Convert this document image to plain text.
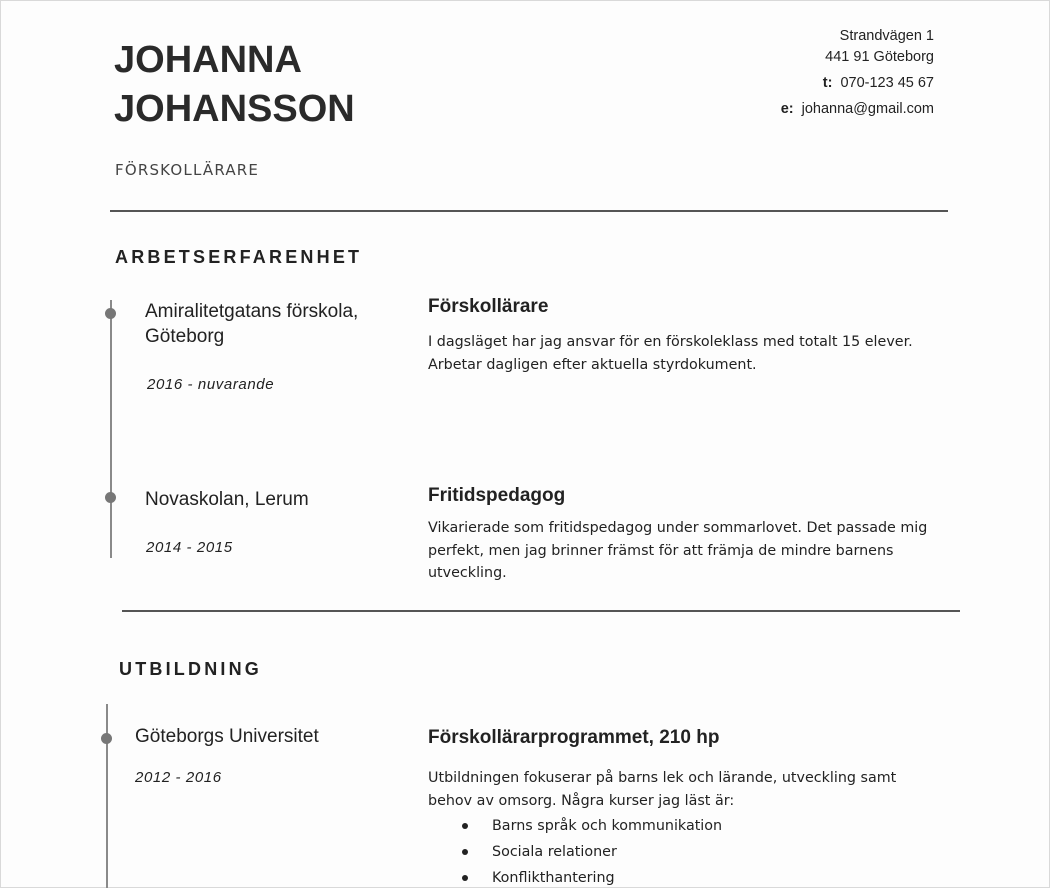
JOHANNA
JOHANSSON
FÖRSKOLLÄRARE
Strandvägen 1
441 91 Göteborg
t: 070-123 45 67
e: johanna@gmail.com
ARBETSERFARENHET
Amiralitetgatans förskola,
Göteborg
2016 - nuvarande
Förskollärare
I dagsläget har jag ansvar för en förskoleklass med totalt 15 elever. Arbetar dagligen efter aktuella styrdokument.
Novaskolan, Lerum
2014 - 2015
Fritidspedagog
Vikarierade som fritidspedagog under sommarlovet. Det passade mig perfekt, men jag brinner främst för att främja de mindre barnens utveckling.
UTBILDNING
Göteborgs Universitet
2012 - 2016
Förskollärarprogrammet, 210 hp
Utbildningen fokuserar på barns lek och lärande, utveckling samt behov av omsorg. Några kurser jag läst är:
Barns språk och kommunikation
Sociala relationer
Konflikthantering
